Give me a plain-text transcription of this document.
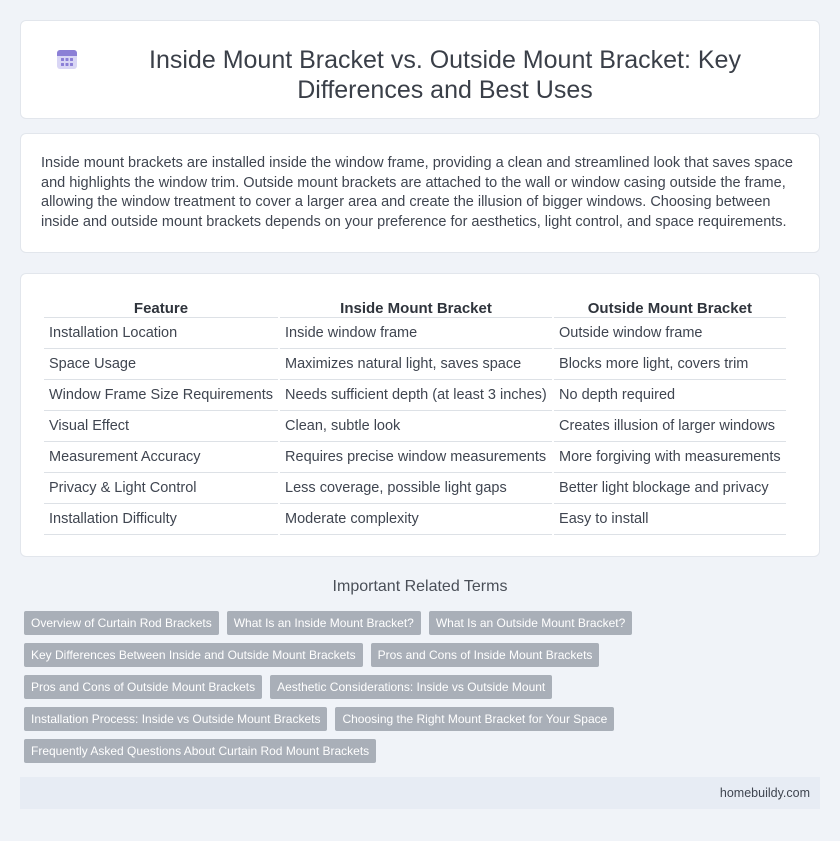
Inside Mount Bracket vs. Outside Mount Bracket: Key Differences and Best Uses

Inside mount brackets are installed inside the window frame, providing a clean and streamlined look that saves space and highlights the window trim. Outside mount brackets are attached to the wall or window casing outside the frame, allowing the window treatment to cover a larger area and create the illusion of bigger windows. Choosing between inside and outside mount brackets depends on your preference for aesthetics, light control, and space requirements.

Feature	Inside Mount Bracket	Outside Mount Bracket
Installation Location	Inside window frame	Outside window frame
Space Usage	Maximizes natural light, saves space	Blocks more light, covers trim
Window Frame Size Requirements	Needs sufficient depth (at least 3 inches)	No depth required
Visual Effect	Clean, subtle look	Creates illusion of larger windows
Measurement Accuracy	Requires precise window measurements	More forgiving with measurements
Privacy & Light Control	Less coverage, possible light gaps	Better light blockage and privacy
Installation Difficulty	Moderate complexity	Easy to install
Important Related Terms
Overview of Curtain Rod Brackets	What Is an Inside Mount Bracket?	What Is an Outside Mount Bracket?
Key Differences Between Inside and Outside Mount Brackets	Pros and Cons of Inside Mount Brackets
Pros and Cons of Outside Mount Brackets	Aesthetic Considerations: Inside vs Outside Mount
Installation Process: Inside vs Outside Mount Brackets	Choosing the Right Mount Bracket for Your Space
Frequently Asked Questions About Curtain Rod Mount Brackets
homebuildy.com
